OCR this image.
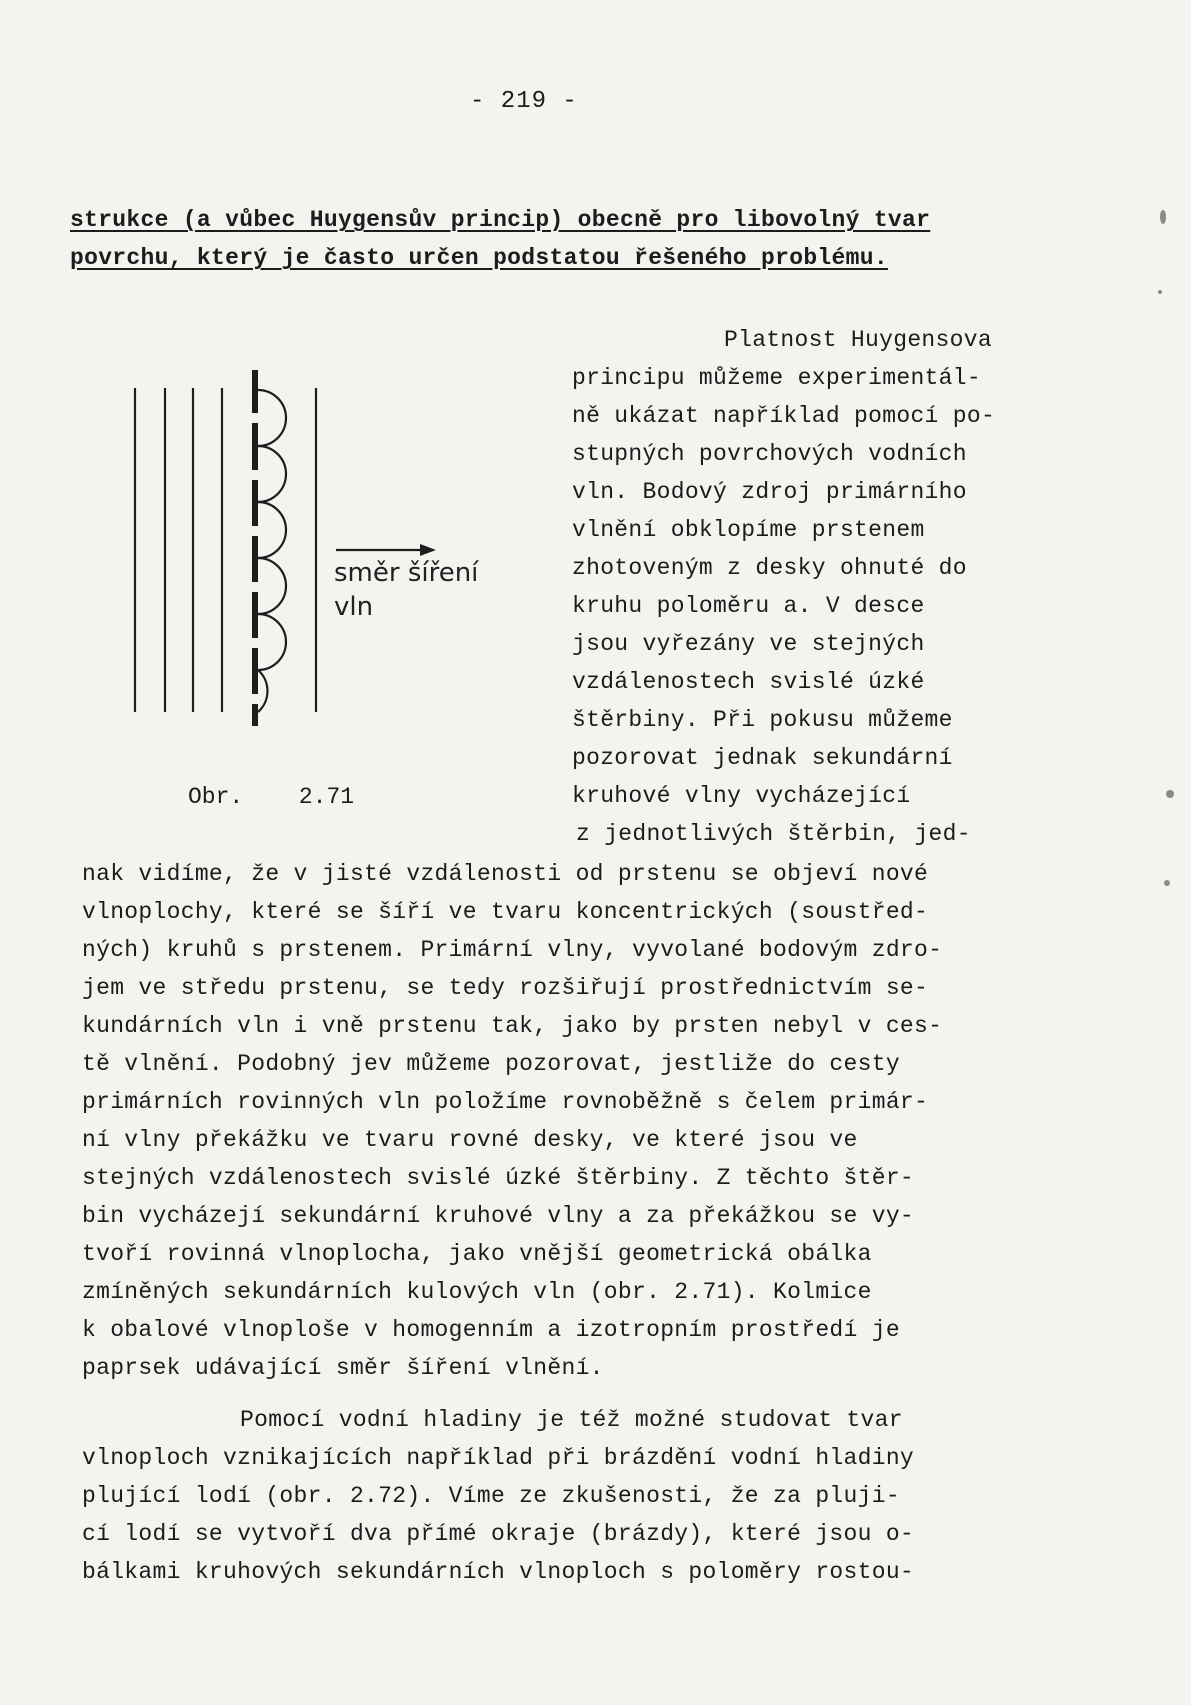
- 219 -
strukce (a vůbec Huygensův princip) obecně pro libovolný tvar
povrchu, který je často určen podstatou řešeného problému.
směr šíření
vln
Obr. 2.71
Platnost Huygensova
principu můžeme experimentál-
ně ukázat například pomocí po-
stupných povrchových vodních
vln. Bodový zdroj primárního
vlnění obklopíme prstenem
zhotoveným z desky ohnuté do
kruhu poloměru a. V desce
jsou vyřezány ve stejných
vzdálenostech svislé úzké
štěrbiny. Při pokusu můžeme
pozorovat jednak sekundární
kruhové vlny vycházející
z jednotlivých štěrbin, jed-
nak vidíme, že v jisté vzdálenosti od prstenu se objeví nové
vlnoplochy, které se šíří ve tvaru koncentrických (soustřed-
ných) kruhů s prstenem. Primární vlny, vyvolané bodovým zdro-
jem ve středu prstenu, se tedy rozšiřují prostřednictvím se-
kundárních vln i vně prstenu tak, jako by prsten nebyl v ces-
tě vlnění. Podobný jev můžeme pozorovat, jestliže do cesty
primárních rovinných vln položíme rovnoběžně s čelem primár-
ní vlny překážku ve tvaru rovné desky, ve které jsou ve
stejných vzdálenostech svislé úzké štěrbiny. Z těchto štěr-
bin vycházejí sekundární kruhové vlny a za překážkou se vy-
tvoří rovinná vlnoplocha, jako vnější geometrická obálka
zmíněných sekundárních kulových vln (obr. 2.71). Kolmice
k obalové vlnoploše v homogenním a izotropním prostředí je
paprsek udávající směr šíření vlnění.
Pomocí vodní hladiny je též možné studovat tvar
vlnoploch vznikajících například při brázdění vodní hladiny
plující lodí (obr. 2.72). Víme ze zkušenosti, že za pluji-
cí lodí se vytvoří dva přímé okraje (brázdy), které jsou o-
bálkami kruhových sekundárních vlnoploch s poloměry rostou-
